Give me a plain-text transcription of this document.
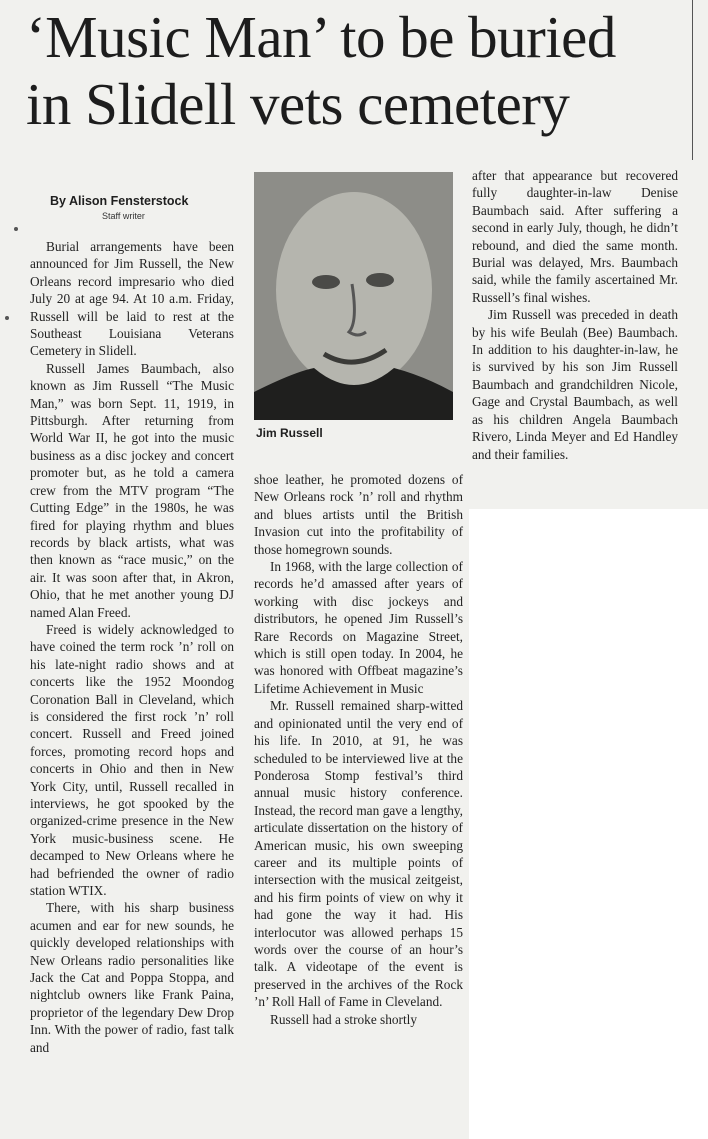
‘Music Man’ to be buried
in Slidell vets cemetery
By Alison Fensterstock
Staff writer

Burial arrangements have been announced for Jim Russell, the New Orleans record impresario who died July 20 at age 94. At 10 a.m. Friday, Russell will be laid to rest at the Southeast Louisiana Veterans Cemetery in Slidell.

Russell James Baumbach, also known as Jim Russell “The Music Man,” was born Sept. 11, 1919, in Pittsburgh. After returning from World War II, he got into the music business as a disc jockey and concert promoter but, as he told a camera crew from the MTV program “The Cutting Edge” in the 1980s, he was fired for playing rhythm and blues records by black artists, what was then known as “race music,” on the air. It was soon after that, in Akron, Ohio, that he met another young DJ named Alan Freed.

Freed is widely acknowledged to have coined the term rock ’n’ roll on his late-night radio shows and at concerts like the 1952 Moondog Coronation Ball in Cleveland, which is considered the first rock ’n’ roll concert. Russell and Freed joined forces, promoting record hops and concerts in Ohio and then in New York City, until, Russell recalled in interviews, he got spooked by the organized-crime presence in the New York music-business scene. He decamped to New Orleans where he had befriended the owner of radio station WTIX.

There, with his sharp business acumen and ear for new sounds, he quickly developed relationships with New Orleans radio personalities like Jack the Cat and Poppa Stoppa, and nightclub owners like Frank Paina, proprietor of the legendary Dew Drop Inn. With the power of radio, fast talk and

Jim Russell

shoe leather, he promoted dozens of New Orleans rock ’n’ roll and rhythm and blues artists until the British Invasion cut into the profitability of those homegrown sounds.

In 1968, with the large collection of records he’d amassed after years of working with disc jockeys and distributors, he opened Jim Russell’s Rare Records on Magazine Street, which is still open today. In 2004, he was honored with Offbeat magazine’s Lifetime Achievement in Music

Mr. Russell remained sharp-witted and opinionated until the very end of his life. In 2010, at 91, he was scheduled to be interviewed live at the Ponderosa Stomp festival’s third annual music history conference. Instead, the record man gave a lengthy, articulate dissertation on the history of American music, his own sweeping career and its multiple points of intersection with the musical zeitgeist, and his firm points of view on why it had gone the way it had. His interlocutor was allowed perhaps 15 words over the course of an hour’s talk. A videotape of the event is preserved in the archives of the Rock ’n’ Roll Hall of Fame in Cleveland.

Russell had a stroke shortly

after that appearance but recovered fully daughter-in-law Denise Baumbach said. After suffering a second in early July, though, he didn’t rebound, and died the same month. Burial was delayed, Mrs. Baumbach said, while the family ascertained Mr. Russell’s final wishes.

Jim Russell was preceded in death by his wife Beulah (Bee) Baumbach. In addition to his daughter-in-law, he is survived by his son Jim Russell Baumbach and grandchildren Nicole, Gage and Crystal Baumbach, as well as his children Angela Baumbach Rivero, Linda Meyer and Ed Handley and their families.
